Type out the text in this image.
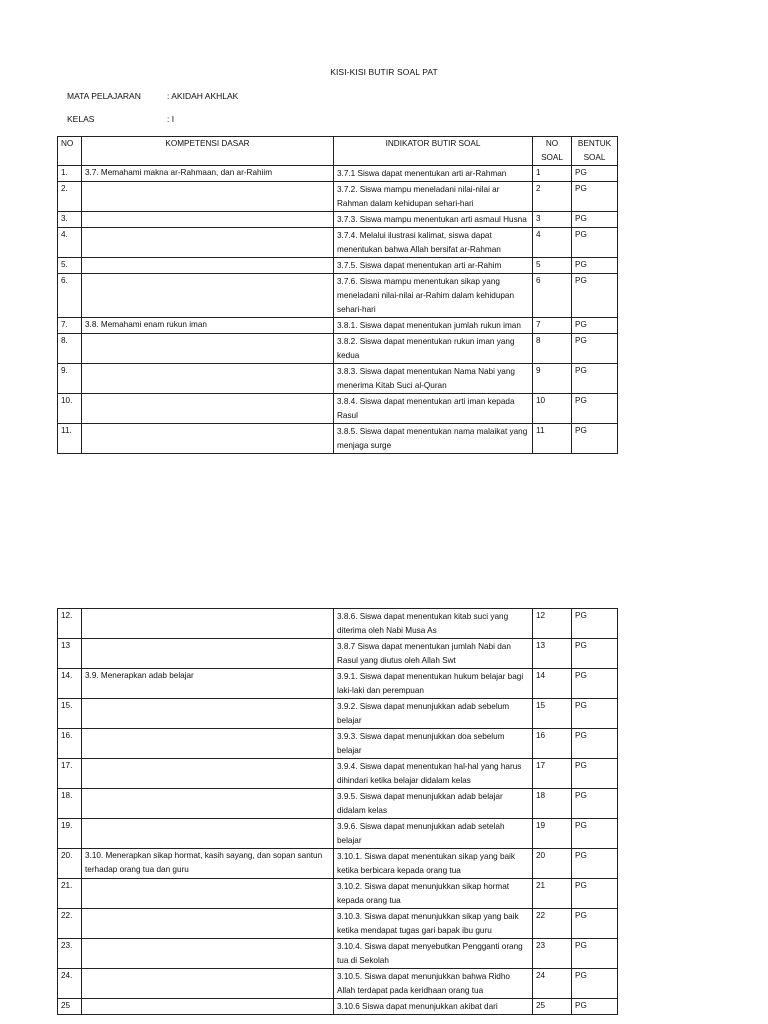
KISI-KISI BUTIR SOAL PAT
MATA PELAJARAN	: AKIDAH AKHLAK
KELAS	: I
NO	KOMPETENSI DASAR	INDIKATOR BUTIR SOAL	NO SOAL	BENTUK SOAL
1.	3.7. Memahami makna ar-Rahmaan, dan ar-Rahiim	3.7.1 Siswa dapat menentukan arti ar-Rahman	1	PG
2.		3.7.2. Siswa mampu meneladani nilai-nilai ar Rahman dalam kehidupan sehari-hari	2	PG
3.		3.7.3. Siswa mampu menentukan arti asmaul Husna	3	PG
4.		3.7.4. Melalui ilustrasi kalimat, siswa dapat menentukan bahwa Allah bersifat ar-Rahman	4	PG
5.		3.7.5. Siswa dapat menentukan arti ar-Rahim	5	PG
6.		3.7.6. Siswa mampu menentukan sikap yang meneladani nilai-nilai ar-Rahim dalam kehidupan sehari-hari	6	PG
7.	3.8. Memahami enam rukun iman	3.8.1. Siswa dapat menentukan jumlah rukun iman	7	PG
8.		3.8.2. Siswa dapat menentukan rukun iman yang kedua	8	PG
9.		3.8.3. Siswa dapat menentukan Nama Nabi yang menerima Kitab Suci al-Quran	9	PG
10.		3.8.4. Siswa dapat menentukan arti iman kepada Rasul	10	PG
11.		3.8.5. Siswa dapat menentukan nama malaikat yang menjaga surge	11	PG
12.		3.8.6. Siswa dapat menentukan kitab suci yang diterima oleh Nabi Musa As	12	PG
13		3.8.7 Siswa dapat menentukan jumlah Nabi dan Rasul yang diutus oleh Allah Swt	13	PG
14.	3.9. Menerapkan adab belajar	3.9.1. Siswa dapat menentukan hukum belajar bagi laki-laki dan perempuan	14	PG
15.		3.9.2. Siswa dapat menunjukkan adab sebelum belajar	15	PG
16.		3.9.3. Siswa dapat menunjukkan doa sebelum belajar	16	PG
17.		3.9.4. Siswa dapat menentukan hal-hal yang harus dihindari ketika belajar didalam kelas	17	PG
18.		3.9.5. Siswa dapat menunjukkan adab belajar didalam kelas	18	PG
19.		3.9.6. Siswa dapat menunjukkan adab setelah belajar	19	PG
20.	3.10. Menerapkan sikap hormat, kasih sayang, dan sopan santun terhadap orang tua dan guru	3.10.1. Siswa dapat menentukan sikap yang baik ketika berbicara kepada orang tua	20	PG
21.		3.10.2. Siswa dapat menunjukkan sikap hormat kepada orang tua	21	PG
22.		3.10.3. Siswa dapat menunjukkan sikap yang baik ketika mendapat tugas gari bapak ibu guru	22	PG
23.		3.10.4. Siswa dapat menyebutkan Pengganti orang tua di Sekolah	23	PG
24.		3.10.5. Siswa dapat menunjukkan bahwa Ridho Allah terdapat pada keridhaan orang tua	24	PG
25		3.10.6 Siswa dapat menunjukkan akibat dari	25	PG
